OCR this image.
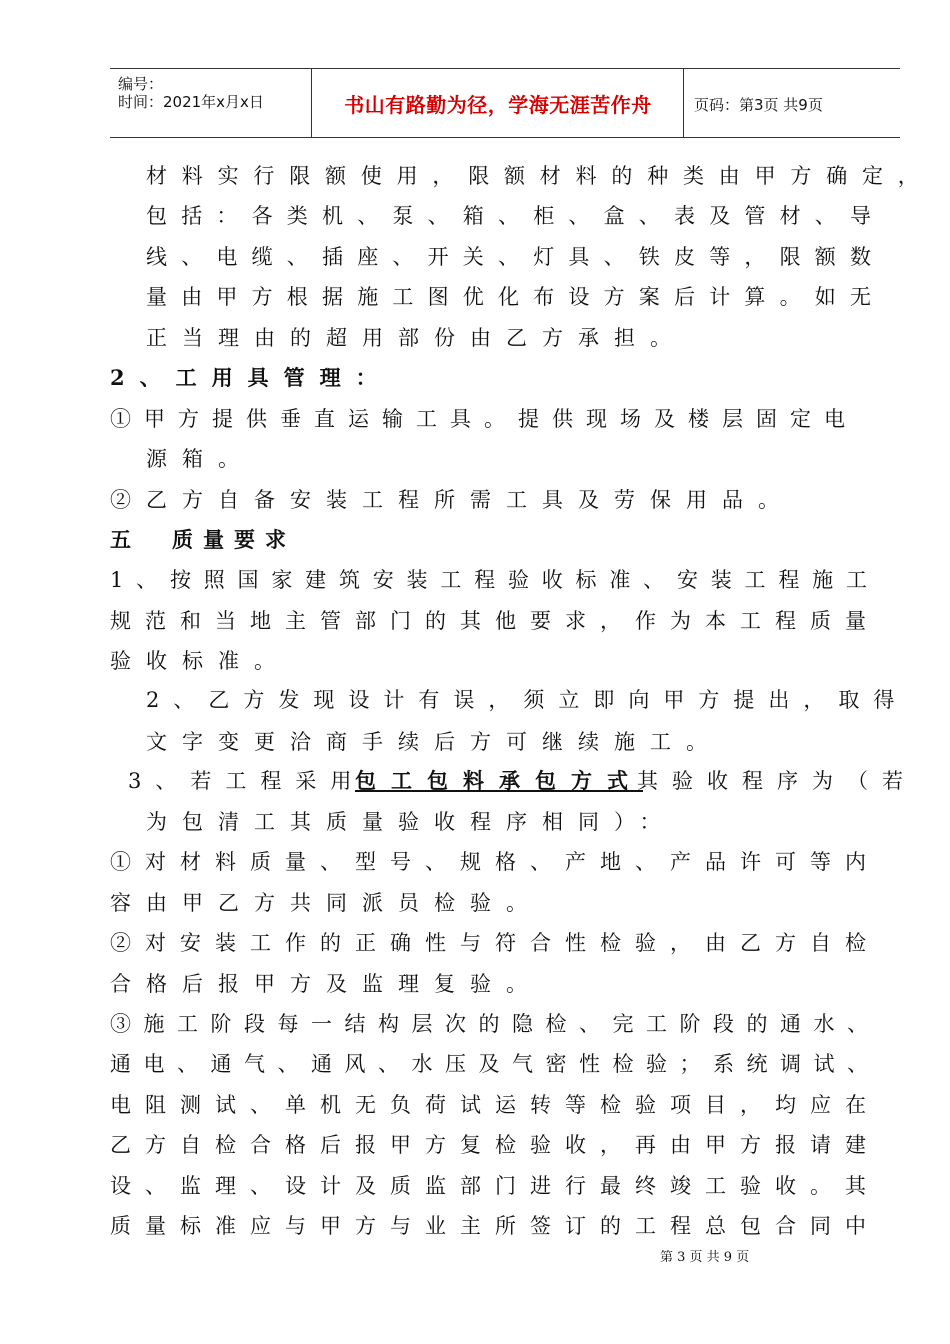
编号：
时间：2021年x月x日	书山有路勤为径，学海无涯苦作舟	页码：第3页 共9页
材料实行限额使用，限额材料的种类由甲方确定，
包括：各类机、泵、箱、柜、盒、表及管材、导
线、电缆、插座、开关、灯具、铁皮等，限额数
量由甲方根据施工图优化布设方案后计算。如无
正当理由的超用部份由乙方承担。
2、工用具管理：
①甲方提供垂直运输工具。提供现场及楼层固定电
源箱。
②乙方自备安装工程所需工具及劳保用品。
五　质量要求
1、按照国家建筑安装工程验收标准、安装工程施工
规范和当地主管部门的其他要求，作为本工程质量
验收标准。
2、乙方发现设计有误，须立即向甲方提出，取得
文字变更洽商手续后方可继续施工。
3、若工程采用
包工包料承包方式
其验收程序为（若
为包清工其质量验收程序相同）：
①对材料质量、型号、规格、产地、产品许可等内
容由甲乙方共同派员检验。
②对安装工作的正确性与符合性检验，由乙方自检
合格后报甲方及监理复验。
③施工阶段每一结构层次的隐检、完工阶段的通水、
通电、通气、通风、水压及气密性检验；系统调试、
电阻测试、单机无负荷试运转等检验项目，均应在
乙方自检合格后报甲方复检验收，再由甲方报请建
设、监理、设计及质监部门进行最终竣工验收。其
质量标准应与甲方与业主所签订的工程总包合同中
第 3 页 共 9 页
